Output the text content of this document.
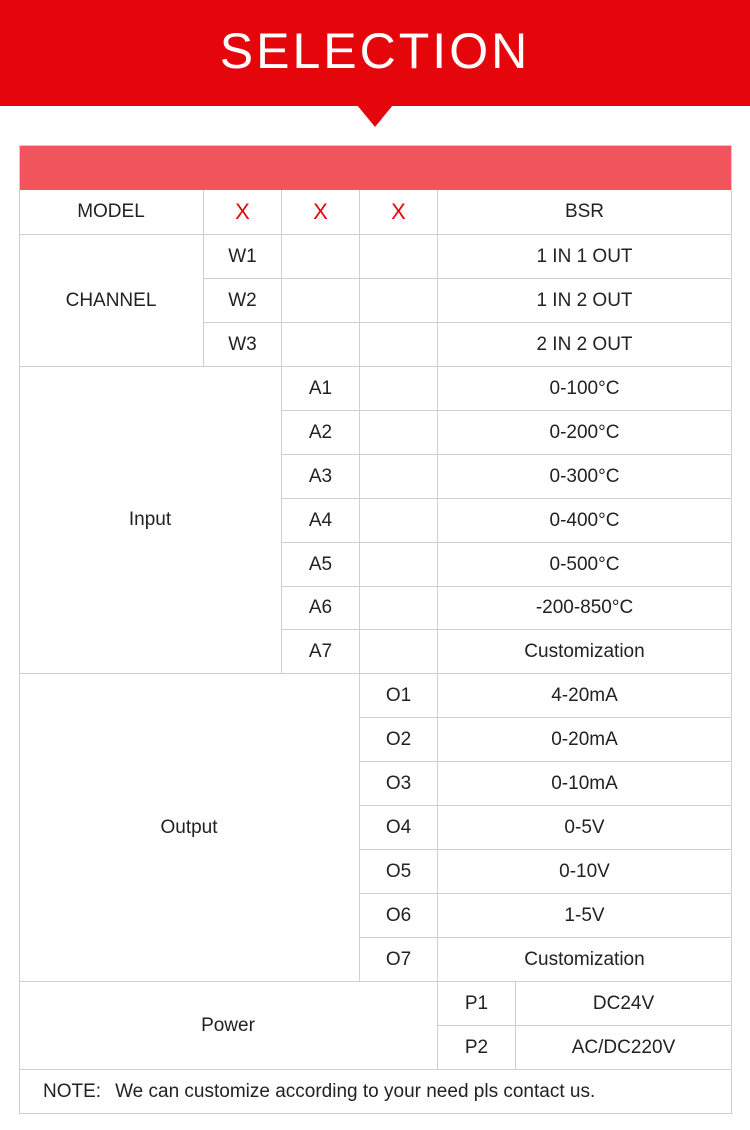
SELECTION
MODEL	X	X	X	BSR
CHANNEL
W1	1 IN 1 OUT
W2	1 IN 2 OUT
W3	2 IN 2 OUT
Input
A1	0-100°C
A2	0-200°C
A3	0-300°C
A4	0-400°C
A5	0-500°C
A6	-200-850°C
A7	Customization
Output
O1	4-20mA
O2	0-20mA
O3	0-10mA
O4	0-5V
O5	0-10V
O6	1-5V
O7	Customization
Power
P1	DC24V
P2	AC/DC220V
NOTE: We can customize according to your need pls contact us.
